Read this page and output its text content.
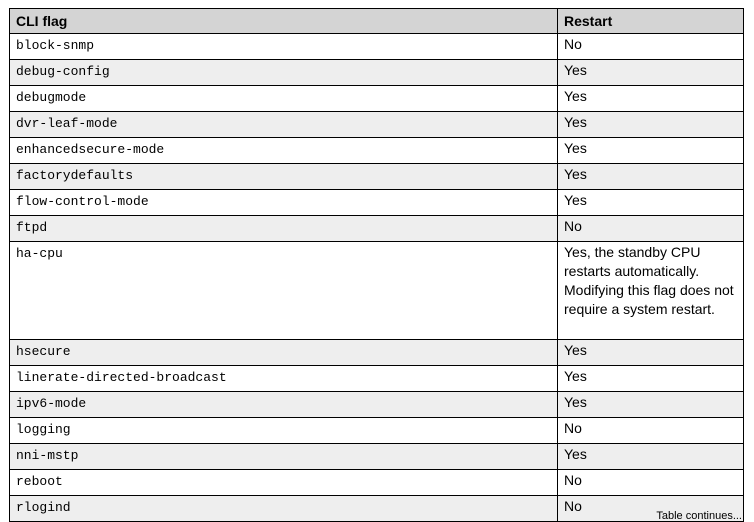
CLI flag	Restart
block-snmp	No
debug-config	Yes
debugmode	Yes
dvr-leaf-mode	Yes
enhancedsecure-mode	Yes
factorydefaults	Yes
flow-control-mode	Yes
ftpd	No
ha-cpu	Yes, the standby CPU restarts automatically. Modifying this flag does not require a system restart.
hsecure	Yes
linerate-directed-broadcast	Yes
ipv6-mode	Yes
logging	No
nni-mstp	Yes
reboot	No
rlogind	No
Table continues...
